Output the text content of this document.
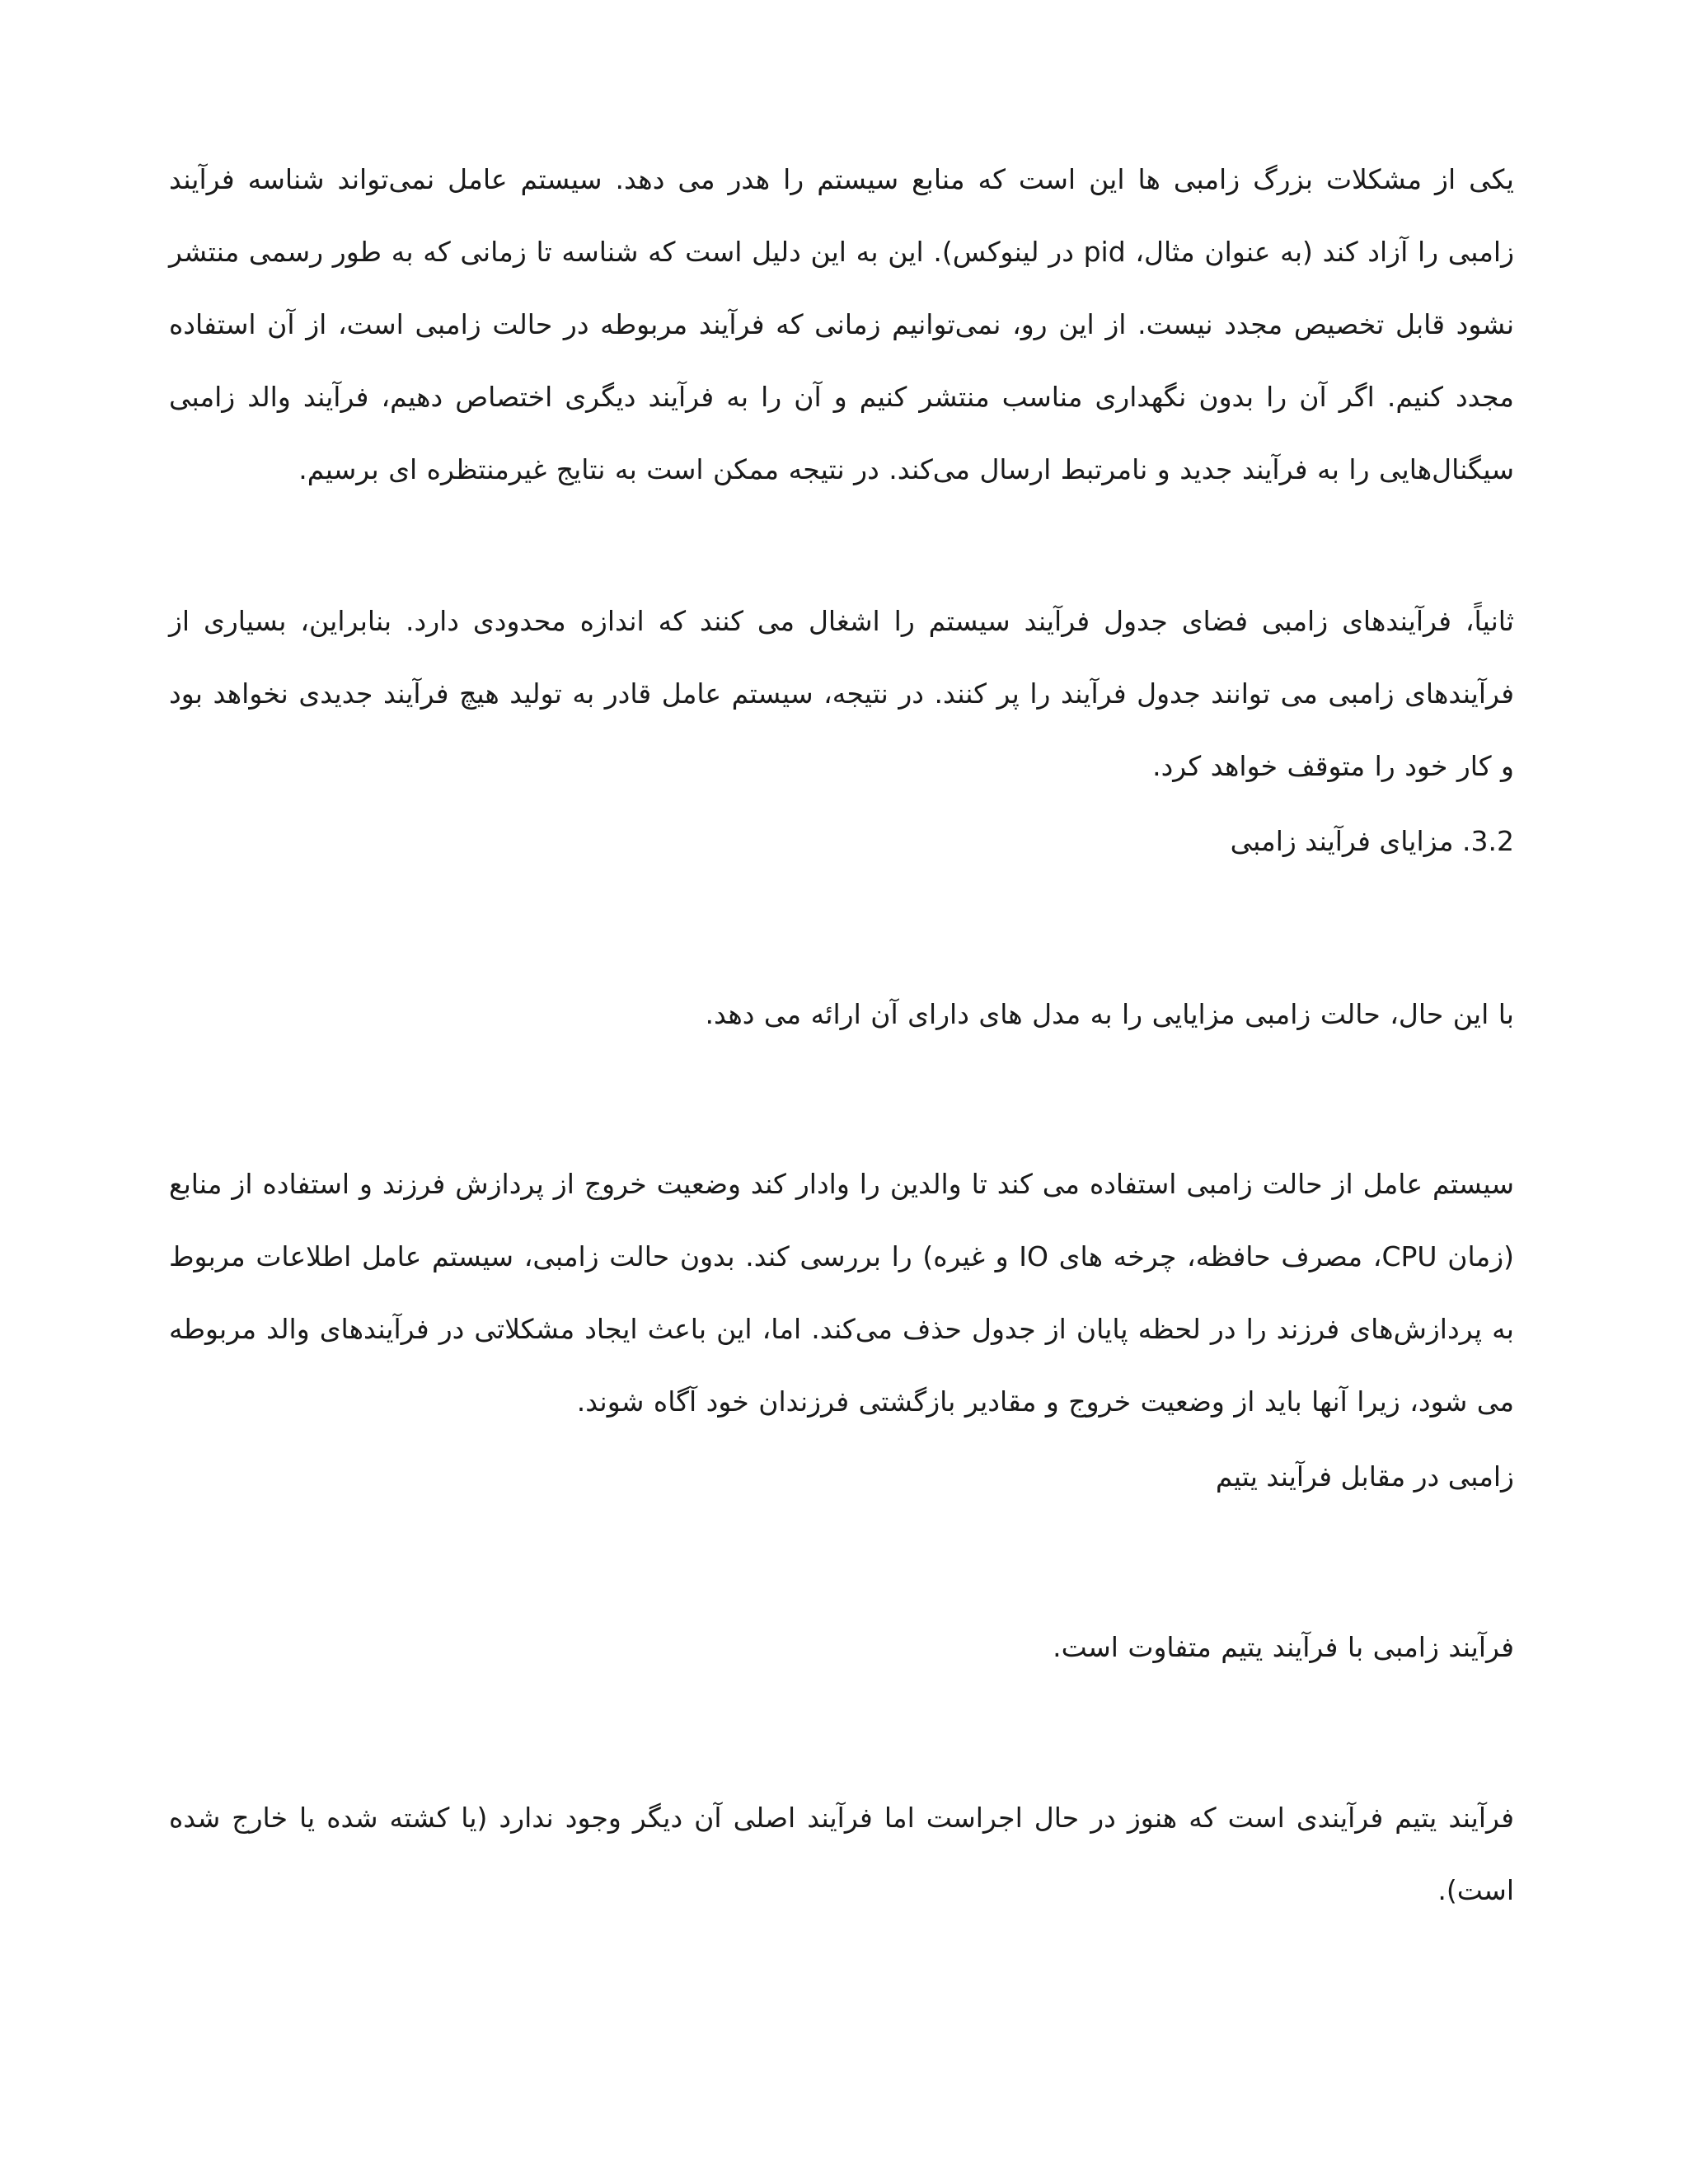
یکی از مشکلات بزرگ زامبی ها این است که منابع سیستم را هدر می دهد. سیستم عامل نمی‌تواند شناسه فرآیند زامبی را آزاد کند (به عنوان مثال، pid در لینوکس). این به این دلیل است که شناسه تا زمانی که به طور رسمی منتشر نشود قابل تخصیص مجدد نیست. از این رو، نمی‌توانیم زمانی که فرآیند مربوطه در حالت زامبی است، از آن استفاده مجدد کنیم. اگر آن را بدون نگهداری مناسب منتشر کنیم و آن را به فرآیند دیگری اختصاص دهیم، فرآیند والد زامبی سیگنال‌هایی را به فرآیند جدید و نامرتبط ارسال می‌کند. در نتیجه ممکن است به نتایج غیرمنتظره ای برسیم.

ثانیاً، فرآیندهای زامبی فضای جدول فرآیند سیستم را اشغال می کنند که اندازه محدودی دارد. بنابراین، بسیاری از فرآیندهای زامبی می توانند جدول فرآیند را پر کنند. در نتیجه، سیستم عامل قادر به تولید هیچ فرآیند جدیدی نخواهد بود و کار خود را متوقف خواهد کرد.

3.2. مزایای فرآیند زامبی

با این حال، حالت زامبی مزایایی را به مدل های دارای آن ارائه می دهد.

سیستم عامل از حالت زامبی استفاده می کند تا والدین را وادار کند وضعیت خروج از پردازش فرزند و استفاده از منابع (زمان CPU، مصرف حافظه، چرخه های IO و غیره) را بررسی کند. بدون حالت زامبی، سیستم عامل اطلاعات مربوط به پردازش‌های فرزند را در لحظه پایان از جدول حذف می‌کند. اما، این باعث ایجاد مشکلاتی در فرآیندهای والد مربوطه می شود، زیرا آنها باید از وضعیت خروج و مقادیر بازگشتی فرزندان خود آگاه شوند.

زامبی در مقابل فرآیند یتیم

فرآیند زامبی با فرآیند یتیم متفاوت است.

فرآیند یتیم فرآیندی است که هنوز در حال اجراست اما فرآیند اصلی آن دیگر وجود ندارد (یا کشته شده یا خارج شده است).
